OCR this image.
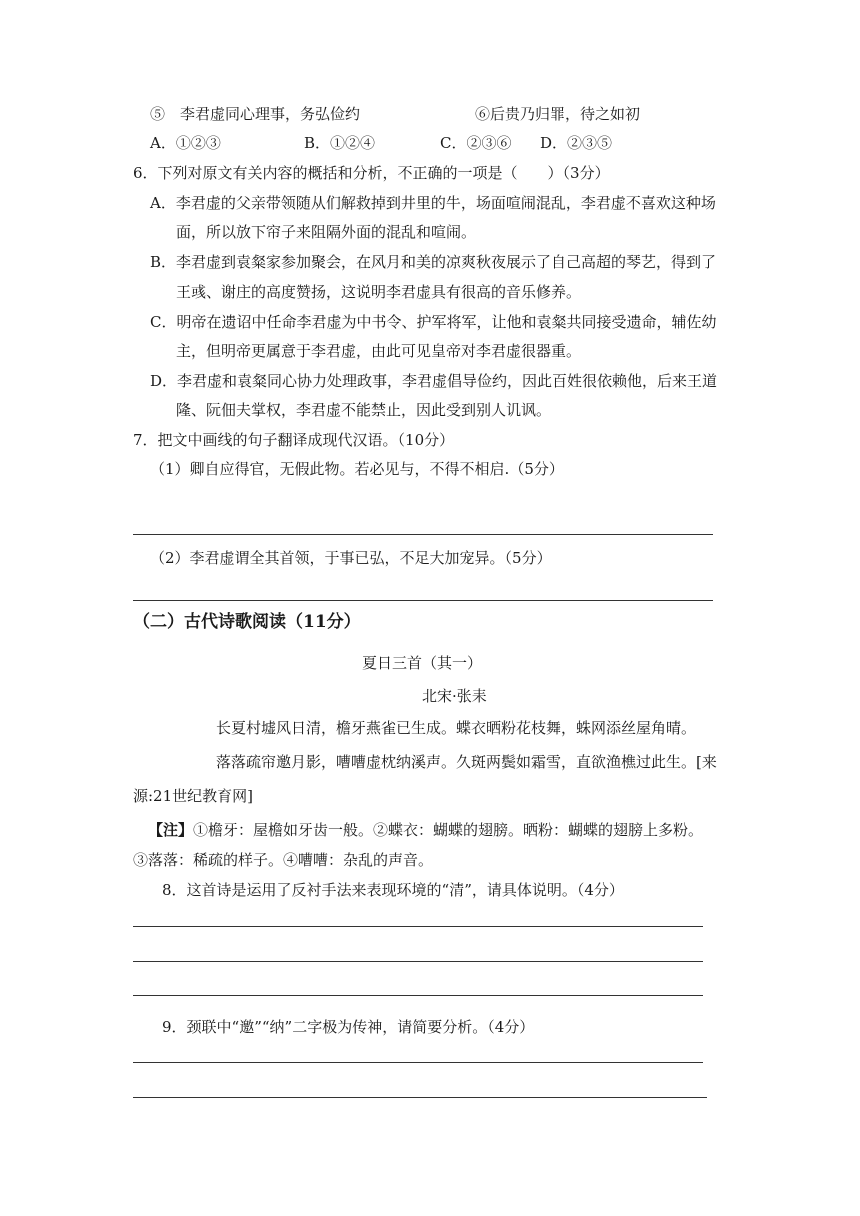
⑤　李君虚同心理事，务弘俭约	⑥后贵乃归罪，待之如初
A．①②③	B．①②④	C．②③⑥ D．②③⑤
6．下列对原文有关内容的概括和分析，不正确的一项是（　　）（3分）
A．李君虚的父亲带领随从们解救掉到井里的牛，场面喧闹混乱，李君虚不喜欢这种场
面，所以放下帘子来阻隔外面的混乱和喧闹。
B．李君虚到袁粲家参加聚会，在风月和美的凉爽秋夜展示了自己高超的琴艺，得到了
王彧、谢庄的高度赞扬，这说明李君虚具有很高的音乐修养。
C．明帝在遗诏中任命李君虚为中书令、护军将军，让他和袁粲共同接受遗命，辅佐幼
主，但明帝更属意于李君虚，由此可见皇帝对李君虚很器重。
D．李君虚和袁粲同心协力处理政事，李君虚倡导俭约，因此百姓很依赖他，后来王道
隆、阮佃夫掌权，李君虚不能禁止，因此受到别人讥讽。
7．把文中画线的句子翻译成现代汉语。（10分）
（1）卿自应得官，无假此物。若必见与，不得不相启.（5分）
（2）李君虚谓全其首领，于事已弘，不足大加宠异。（5分）
（二）古代诗歌阅读（11分）
夏日三首（其一）
北宋·张耒
长夏村墟风日清，檐牙燕雀已生成。蝶衣晒粉花枝舞，蛛网添丝屋角晴。
落落疏帘邀月影，嘈嘈虚枕纳溪声。久斑两鬓如霜雪，直欲渔樵过此生。[来
源:21世纪教育网]
【注】①檐牙：屋檐如牙齿一般。②蝶衣：蝴蝶的翅膀。晒粉：蝴蝶的翅膀上多粉。
③落落：稀疏的样子。④嘈嘈：杂乱的声音。
8．这首诗是运用了反衬手法来表现环境的“清”，请具体说明。（4分）
9．颈联中“邀”“纳”二字极为传神，请简要分析。（4分）
